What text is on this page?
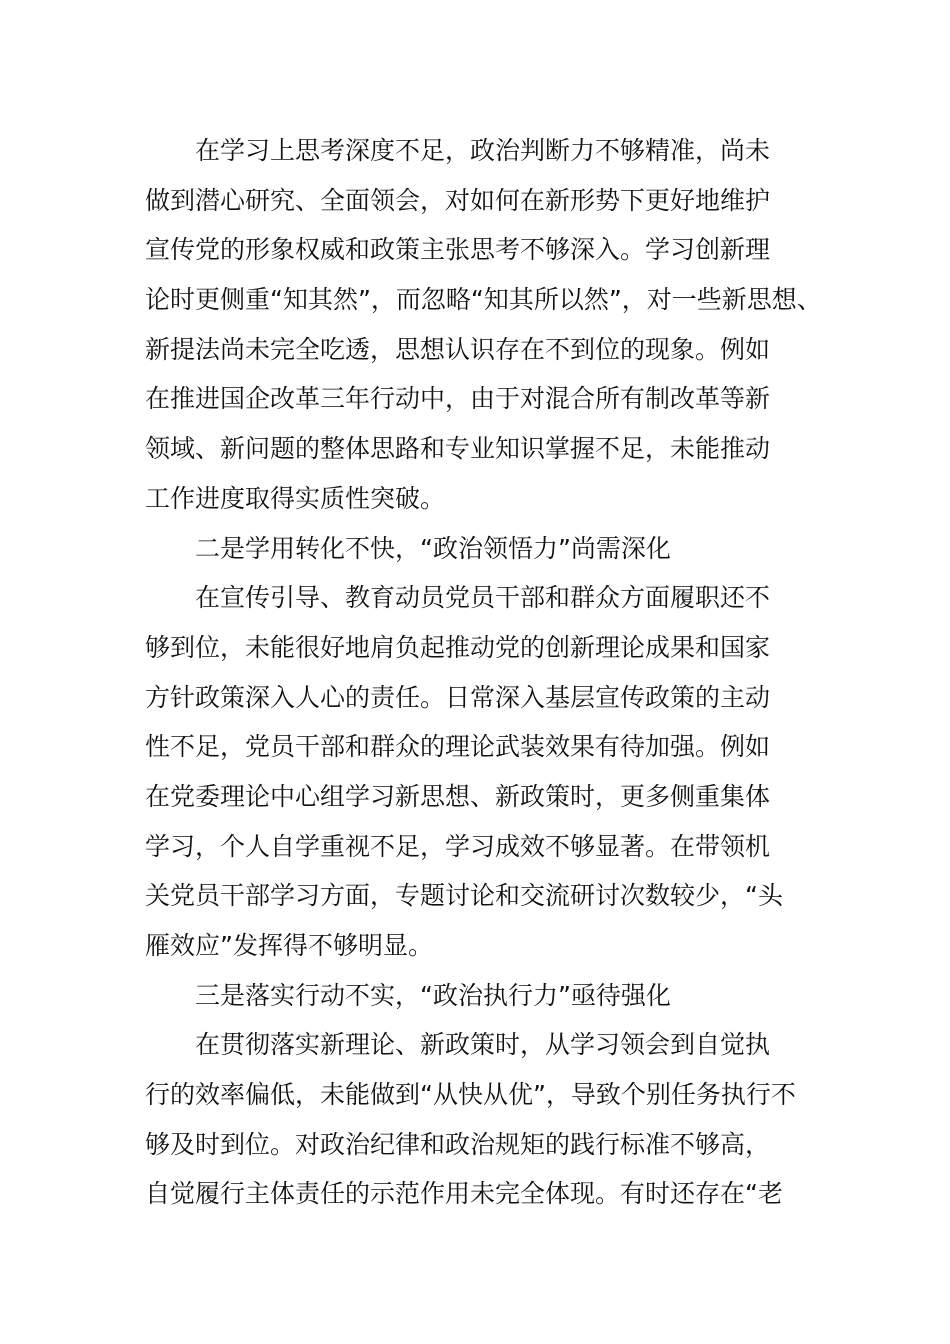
在学习上思考深度不足，政治判断力不够精准，尚未
做到潜心研究、全面领会，对如何在新形势下更好地维护
宣传党的形象权威和政策主张思考不够深入。学习创新理
论时更侧重“知其然”，而忽略“知其所以然”，对一些新思想、
新提法尚未完全吃透，思想认识存在不到位的现象。例如
在推进国企改革三年行动中，由于对混合所有制改革等新
领域、新问题的整体思路和专业知识掌握不足，未能推动
工作进度取得实质性突破。
二是学用转化不快，“政治领悟力”尚需深化
在宣传引导、教育动员党员干部和群众方面履职还不
够到位，未能很好地肩负起推动党的创新理论成果和国家
方针政策深入人心的责任。日常深入基层宣传政策的主动
性不足，党员干部和群众的理论武装效果有待加强。例如
在党委理论中心组学习新思想、新政策时，更多侧重集体
学习，个人自学重视不足，学习成效不够显著。在带领机
关党员干部学习方面，专题讨论和交流研讨次数较少，“头
雁效应”发挥得不够明显。
三是落实行动不实，“政治执行力”亟待强化
在贯彻落实新理论、新政策时，从学习领会到自觉执
行的效率偏低，未能做到“从快从优”，导致个别任务执行不
够及时到位。对政治纪律和政治规矩的践行标准不够高，
自觉履行主体责任的示范作用未完全体现。有时还存在“老
